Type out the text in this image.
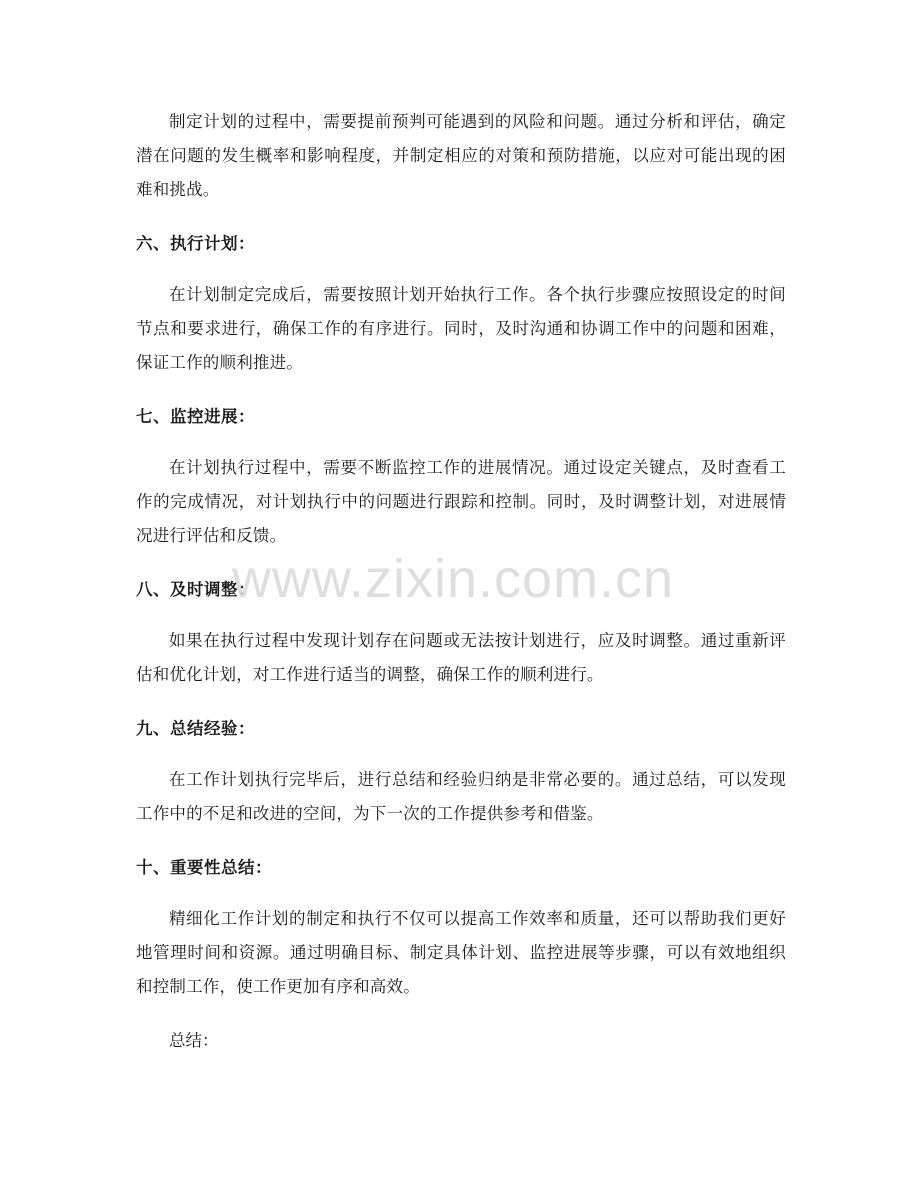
制定计划的过程中，需要提前预判可能遇到的风险和问题。通过分析和评估，确定潜在问题的发生概率和影响程度，并制定相应的对策和预防措施，以应对可能出现的困难和挑战。

六、执行计划：

在计划制定完成后，需要按照计划开始执行工作。各个执行步骤应按照设定的时间节点和要求进行，确保工作的有序进行。同时，及时沟通和协调工作中的问题和困难，保证工作的顺利推进。

七、监控进展：

在计划执行过程中，需要不断监控工作的进展情况。通过设定关键点，及时查看工作的完成情况，对计划执行中的问题进行跟踪和控制。同时，及时调整计划，对进展情况进行评估和反馈。

八、及时调整：

如果在执行过程中发现计划存在问题或无法按计划进行，应及时调整。通过重新评估和优化计划，对工作进行适当的调整，确保工作的顺利进行。

九、总结经验：

在工作计划执行完毕后，进行总结和经验归纳是非常必要的。通过总结，可以发现工作中的不足和改进的空间，为下一次的工作提供参考和借鉴。

十、重要性总结：

精细化工作计划的制定和执行不仅可以提高工作效率和质量，还可以帮助我们更好地管理时间和资源。通过明确目标、制定具体计划、监控进展等步骤，可以有效地组织和控制工作，使工作更加有序和高效。

总结：

www.zixin.com.cn
